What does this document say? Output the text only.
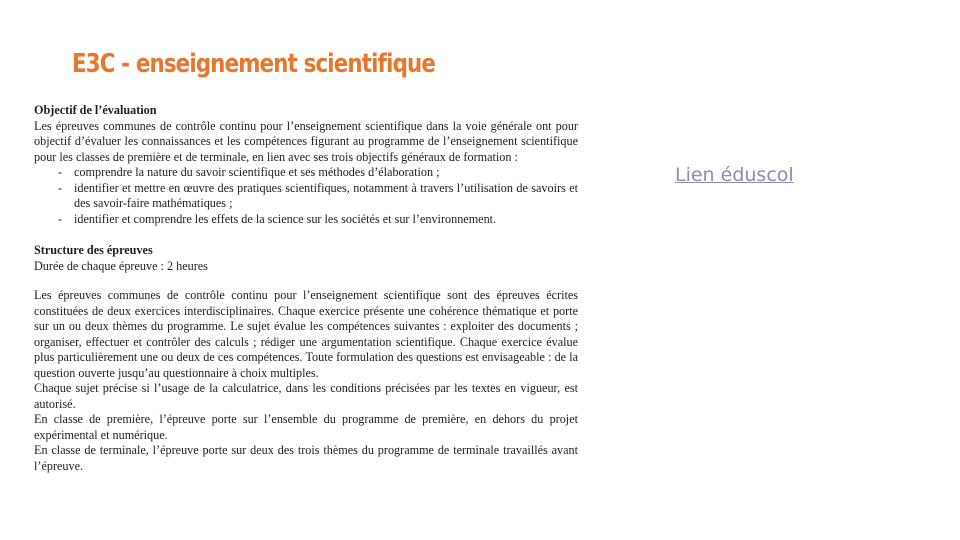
E3C - enseignement scientifique
Objectif de l’évaluation

Les épreuves communes de contrôle continu pour l’enseignement scientifique dans la voie générale ont pour objectif d’évaluer les connaissances et les compétences figurant au programme de l’enseignement scientifique pour les classes de première et de terminale, en lien avec ses trois objectifs généraux de formation :

- comprendre la nature du savoir scientifique et ses méthodes d’élaboration ;
- identifier et mettre en œuvre des pratiques scientifiques, notamment à travers l’utilisation de savoirs et des savoir-faire mathématiques ;
- identifier et comprendre les effets de la science sur les sociétés et sur l’environnement.
Structure des épreuves

Durée de chaque épreuve : 2 heures

Les épreuves communes de contrôle continu pour l’enseignement scientifique sont des épreuves écrites constituées de deux exercices interdisciplinaires. Chaque exercice présente une cohérence thématique et porte sur un ou deux thèmes du programme. Le sujet évalue les compétences suivantes : exploiter des documents ; organiser, effectuer et contrôler des calculs ; rédiger une argumentation scientifique. Chaque exercice évalue plus particulièrement une ou deux de ces compétences. Toute formulation des questions est envisageable : de la question ouverte jusqu’au questionnaire à choix multiples.

Chaque sujet précise si l’usage de la calculatrice, dans les conditions précisées par les textes en vigueur, est autorisé.

En classe de première, l’épreuve porte sur l’ensemble du programme de première, en dehors du projet expérimental et numérique.

En classe de terminale, l’épreuve porte sur deux des trois thèmes du programme de terminale travaillés avant l’épreuve.

Lien éduscol
